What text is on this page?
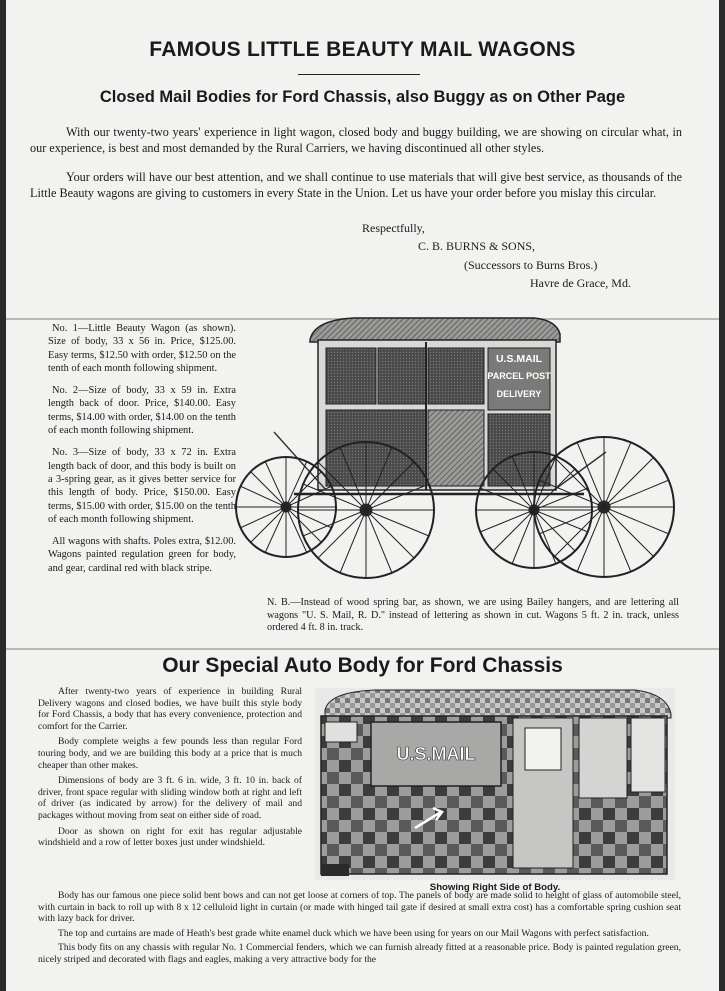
FAMOUS LITTLE BEAUTY MAIL WAGONS
Closed Mail Bodies for Ford Chassis, also Buggy as on Other Page

With our twenty-two years' experience in light wagon, closed body and buggy building, we are showing on circular what, in our experience, is best and most demanded by the Rural Carriers, we having discontinued all other styles.

Your orders will have our best attention, and we shall continue to use materials that will give best service, as thousands of the Little Beauty wagons are giving to customers in every State in the Union. Let us have your order before you mislay this circular.

Respectfully,
C. B. BURNS & SONS,
(Successors to Burns Bros.)
Havre de Grace, Md.

No. 1—Little Beauty Wagon (as shown). Size of body, 33 x 56 in. Price, $125.00. Easy terms, $12.50 with order, $12.50 on the tenth of each month following shipment.

No. 2—Size of body, 33 x 59 in. Extra length back of door. Price, $140.00. Easy terms, $14.00 with order, $14.00 on the tenth of each month following shipment.

No. 3—Size of body, 33 x 72 in. Extra length back of door, and this body is built on a 3-spring gear, as it gives better service for this length of body. Price, $150.00. Easy terms, $15.00 with order, $15.00 on the tenth of each month following shipment.

All wagons with shafts. Poles extra, $12.00. Wagons painted regulation green for body, and gear, cardinal red with black stripe.

U.S.MAIL
PARCEL POST
DELIVERY

N. B.—Instead of wood spring bar, as shown, we are using Bailey hangers, and are lettering all wagons "U. S. Mail, R. D." instead of lettering as shown in cut. Wagons 5 ft. 2 in. track, unless ordered 4 ft. 8 in. track.

Our Special Auto Body for Ford Chassis

After twenty-two years of experience in building Rural Delivery wagons and closed bodies, we have built this style body for Ford Chassis, a body that has every convenience, protection and comfort for the Carrier.

Body complete weighs a few pounds less than regular Ford touring body, and we are building this body at a price that is much cheaper than other makes.

Dimensions of body are 3 ft. 6 in. wide, 3 ft. 10 in. back of driver, front space regular with sliding window both at right and left of driver (as indicated by arrow) for the delivery of mail and packages without moving from seat on either side of road.

Door as shown on right for exit has regular adjustable windshield and a row of letter boxes just under windshield.

U.S.MAIL
Showing Right Side of Body.

Body has our famous one piece solid bent bows and can not get loose at corners of top. The panels of body are made solid to height of glass of automobile steel, with curtain in back to roll up with 8 x 12 celluloid light in curtain (or made with hinged tail gate if desired at small extra cost) has a comfortable spring cushion seat with lazy back for driver.

The top and curtains are made of Heath's best grade white enamel duck which we have been using for years on our Mail Wagons with perfect satisfaction.

This body fits on any chassis with regular No. 1 Commercial fenders, which we can furnish already fitted at a reasonable price. Body is painted regulation green, nicely striped and decorated with flags and eagles, making a very attractive body for the
